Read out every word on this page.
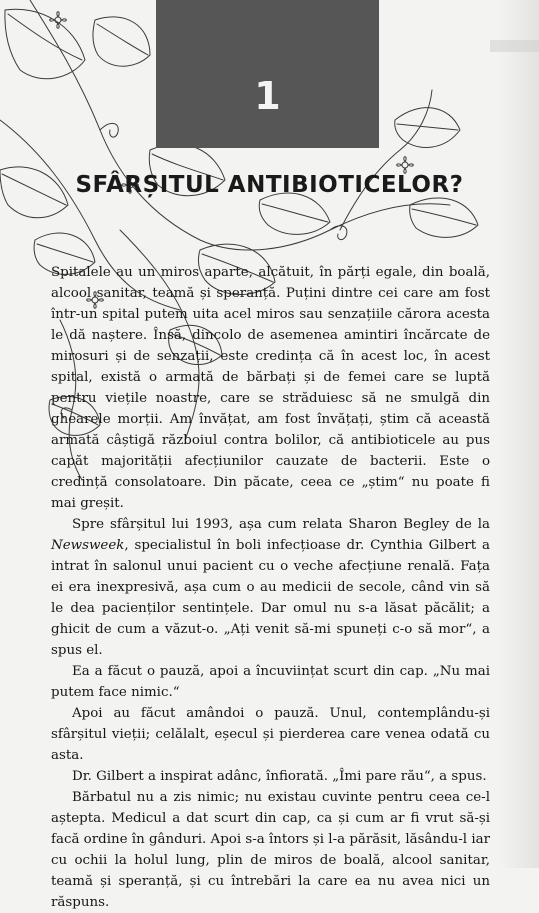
1
SFÂRȘITUL ANTIBIOTICELOR?

Spitalele au un miros aparte, alcătuit, în părți egale, din boală, alcool sanitar, teamă și speranță. Puțini dintre cei care am fost într-un spital putem uita acel miros sau senzațiile cărora acesta le dă naștere. Însă, dincolo de asemenea amintiri încărcate de mirosuri și de senzații, este credința că în acest loc, în acest spital, există o armată de bărbați și de femei care se luptă pentru viețile noastre, care se străduiesc să ne smulgă din ghearele morții. Am învățat, am fost învățați, știm că această armată câștigă războiul contra bolilor, că antibioticele au pus capăt majorității afecțiunilor cauzate de bacterii. Este o credință consolatoare. Din păcate, ceea ce „știm“ nu poate fi mai greșit.

Spre sfârșitul lui 1993, așa cum relata Sharon Begley de la Newsweek, specialistul în boli infecțioase dr. Cynthia Gilbert a intrat în salonul unui pacient cu o veche afecțiune renală. Fața ei era inexpresivă, așa cum o au medicii de secole, când vin să le dea pacienților sentințele. Dar omul nu s-a lăsat păcălit; a ghicit de cum a văzut-o. „Ați venit să-mi spuneți c-o să mor“, a spus el.

Ea a făcut o pauză, apoi a încuviințat scurt din cap. „Nu mai putem face nimic.“

Apoi au făcut amândoi o pauză. Unul, contemplându-și sfârșitul vieții; celălalt, eșecul și pierderea care venea odată cu asta.

Dr. Gilbert a inspirat adânc, înfiorată. „Îmi pare rău“, a spus.

Bărbatul nu a zis nimic; nu existau cuvinte pentru ceea ce-l aștepta. Medicul a dat scurt din cap, ca și cum ar fi vrut să-și facă ordine în gânduri. Apoi s-a întors și l-a părăsit, lăsându-l iar cu ochii la holul lung, plin de miros de boală, alcool sanitar, teamă și speranță, și cu întrebări la care ea nu avea nici un răspuns.
